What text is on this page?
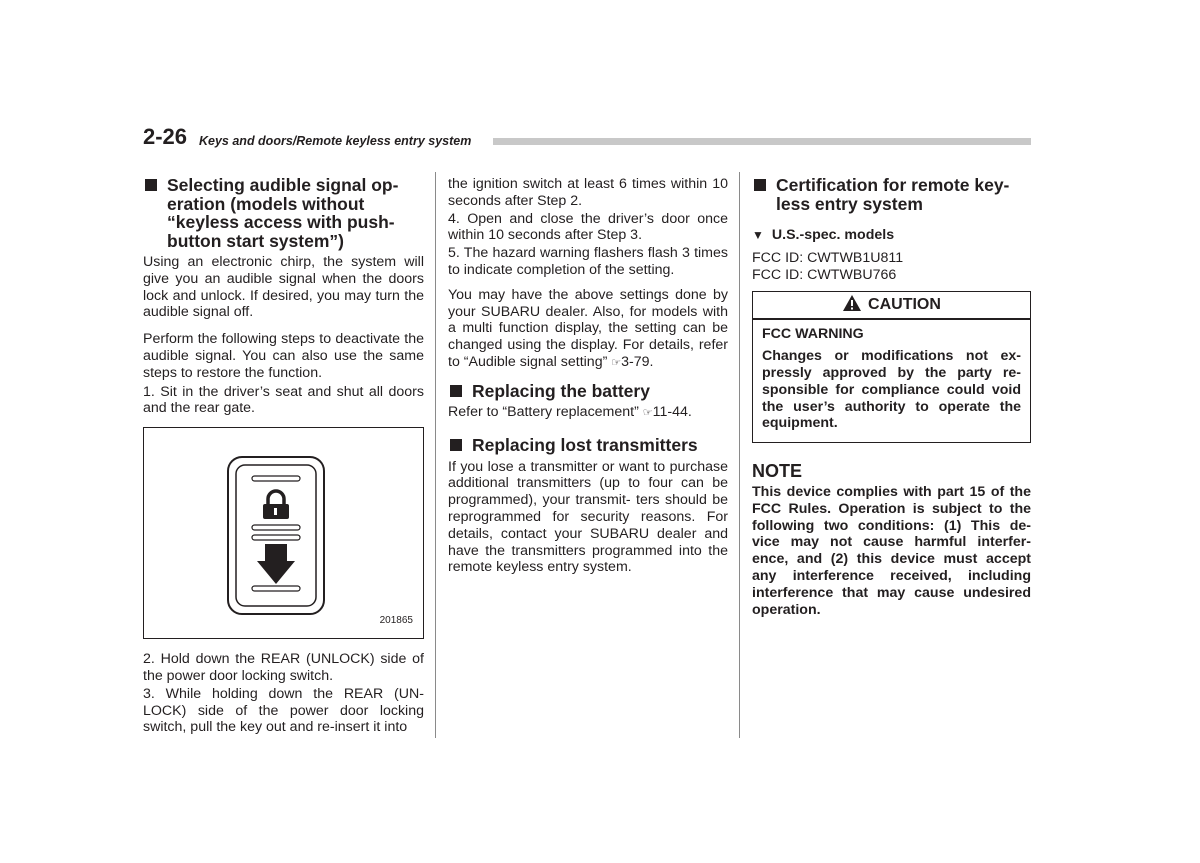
2-26 Keys and doors/Remote keyless entry system
Selecting audible signal op- eration (models without “keyless access with push- button start system”)

Using an electronic chirp, the system will give you an audible signal when the doors lock and unlock. If desired, you may turn the audible signal off.

Perform the following steps to deactivate the audible signal. You can also use the same steps to restore the function.

1. Sit in the driver’s seat and shut all doors and the rear gate.

201865

2. Hold down the REAR (UNLOCK) side of the power door locking switch.

3. While holding down the REAR (UN- LOCK) side of the power door locking switch, pull the key out and re-insert it into

the ignition switch at least 6 times within 10 seconds after Step 2.

4. Open and close the driver’s door once within 10 seconds after Step 3.

5. The hazard warning flashers flash 3 times to indicate completion of the setting.

You may have the above settings done by your SUBARU dealer. Also, for models with a multi function display, the setting can be changed using the display. For details, refer to “Audible signal setting” ☞3-79.

Replacing the battery

Refer to “Battery replacement” ☞11-44.

Replacing lost transmitters

If you lose a transmitter or want to purchase additional transmitters (up to four can be programmed), your transmit- ters should be reprogrammed for security reasons. For details, contact your SUBARU dealer and have the transmitters programmed into the remote keyless entry system.

Certification for remote key- less entry system
▼ U.S.-spec. models
FCC ID: CWTWB1U811
FCC ID: CWTWBU766
CAUTION

FCC WARNING

Changes or modifications not ex- pressly approved by the party re- sponsible for compliance could void the user’s authority to operate the equipment.

NOTE

This device complies with part 15 of the FCC Rules. Operation is subject to the following two conditions: (1) This de- vice may not cause harmful interfer- ence, and (2) this device must accept any interference received, including interference that may cause undesired operation.
